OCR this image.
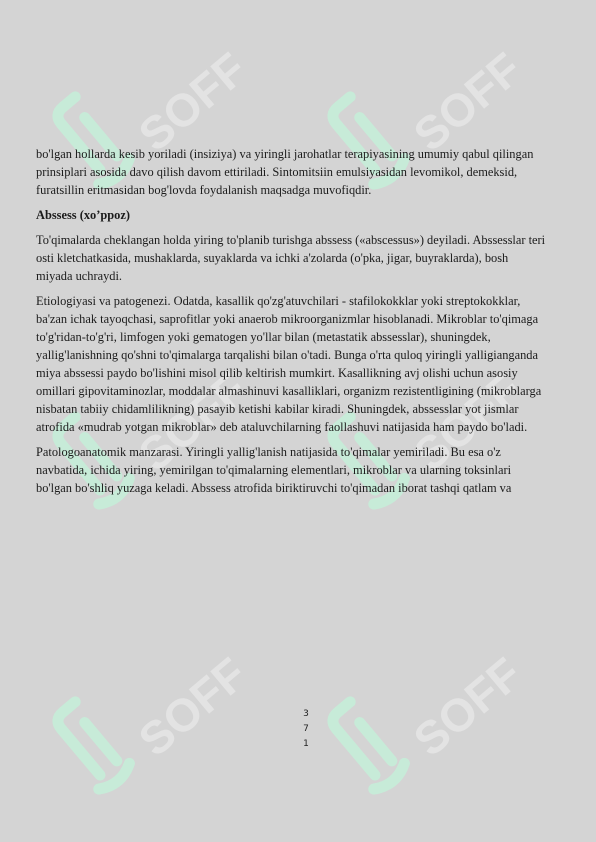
SOFF	SOFF
SOFF	SOFF
SOFF	SOFF

bo'lgan hollarda kesib yoriladi (insiziya) va yiringli jarohatlar terapiyasining umumiy qabul qilingan prinsiplari asosida davo qilish davom ettiriladi. Sintomitsiin emulsiyasidan levomikol, demeksid, furatsillin eritmasidan bog'lovda foydalanish maqsadga muvofiqdir.

Abssess (xo’ppoz)

To'qimalarda cheklangan holda yiring to'planib turishga abssess («abscessus») deyiladi. Abssesslar teri osti kletchatkasida, mushaklarda, suyaklarda va ichki a'zolarda (o'pka, jigar, buyraklarda), bosh miyada uchraydi.

Etiologiyasi va patogenezi. Odatda, kasallik qo'zg'atuvchilari - stafilokokklar yoki streptokokklar, ba'zan ichak tayoqchasi, saprofitlar yoki anaerob mikroorganizmlar hisoblanadi. Mikroblar to'qimaga to'g'ridan-to'g'ri, limfogen yoki gematogen yo'llar bilan (metastatik abssesslar), shuningdek, yallig'lanishning qo'shni to'qimalarga tarqalishi bilan o'tadi. Bunga o'rta quloq yiringli yalligianganda miya abssessi paydo bo'lishini misol qilib keltirish mumkirt. Kasallikning avj olishi uchun asosiy omillari gipovitaminozlar, moddalar almashinuvi kasalliklari, organizm rezistentligining (mikroblarga nisbatan tabiiy chidamlilikning) pasayib ketishi kabilar kiradi. Shuningdek, abssesslar yot jismlar atrofida «mudrab yotgan mikroblar» deb ataluvchilarning faollashuvi natijasida ham paydo bo'ladi.

Patologoanatomik manzarasi. Yiringli yallig'lanish natijasida to'qimalar yemiriladi. Bu esa o'z navbatida, ichida yiring, yemirilgan to'qimalarning elementlari, mikroblar va ularning toksinlari bo'lgan bo'shliq yuzaga keladi. Abssess atrofida biriktiruvchi to'qimadan iborat tashqi qatlam va

3
7
1
